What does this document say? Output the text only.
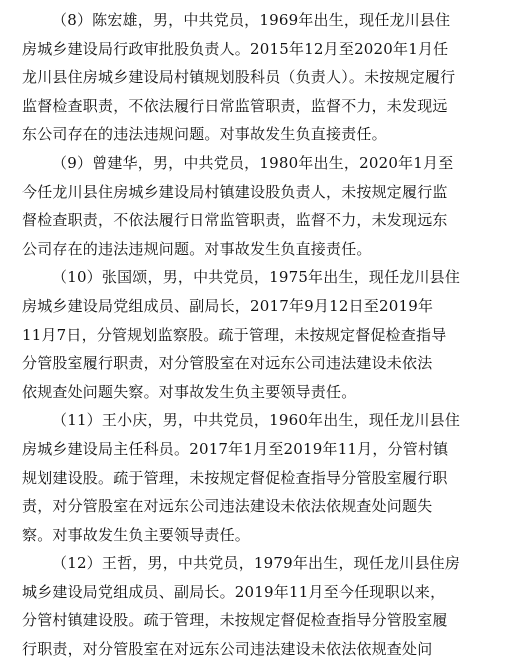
（8）陈宏雄，男，中共党员，1969年出生，现任龙川县住
房城乡建设局行政审批股负责人。2015年12月至2020年1月任
龙川县住房城乡建设局村镇规划股科员（负责人）。未按规定履行
监督检查职责，不依法履行日常监管职责，监督不力，未发现远
东公司存在的违法违规问题。对事故发生负直接责任。

（9）曾建华，男，中共党员，1980年出生，2020年1月至
今任龙川县住房城乡建设局村镇建设股负责人，未按规定履行监
督检查职责，不依法履行日常监管职责，监督不力，未发现远东
公司存在的违法违规问题。对事故发生负直接责任。

（10）张国颂，男，中共党员，1975年出生，现任龙川县住
房城乡建设局党组成员、副局长，2017年9月12日至2019年
11月7日，分管规划监察股。疏于管理，未按规定督促检查指导
分管股室履行职责，对分管股室在对远东公司违法建设未依法
依规查处问题失察。对事故发生负主要领导责任。

（11）王小庆，男，中共党员，1960年出生，现任龙川县住
房城乡建设局主任科员。2017年1月至2019年11月，分管村镇
规划建设股。疏于管理，未按规定督促检查指导分管股室履行职
责，对分管股室在对远东公司违法建设未依法依规查处问题失
察。对事故发生负主要领导责任。

（12）王哲，男，中共党员，1979年出生，现任龙川县住房
城乡建设局党组成员、副局长。2019年11月至今任现职以来，
分管村镇建设股。疏于管理，未按规定督促检查指导分管股室履
行职责，对分管股室在对远东公司违法建设未依法依规查处问
